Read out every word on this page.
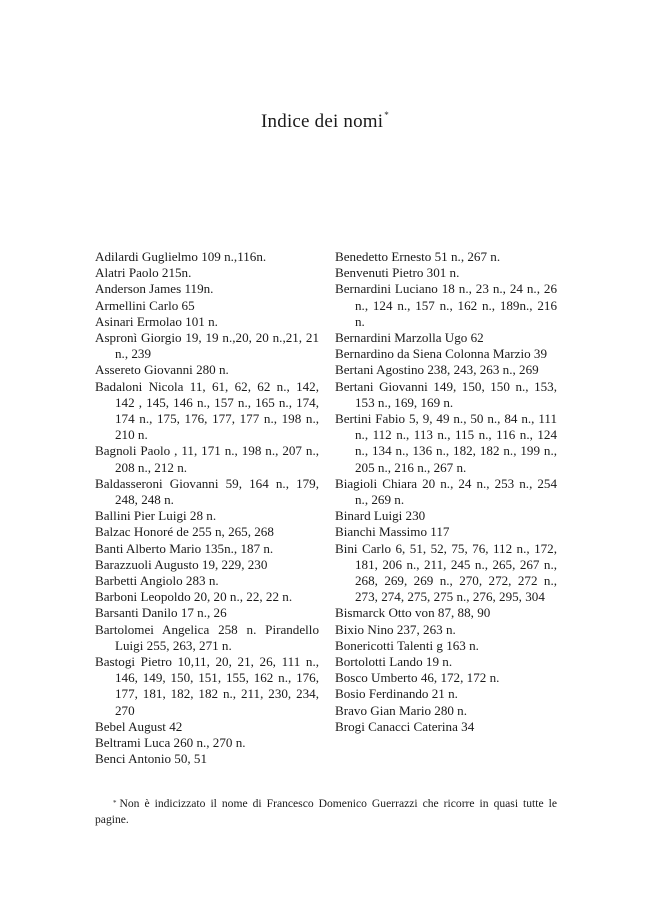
Indice dei nomi*
Adilardi Guglielmo 109 n.,116n.
Alatri Paolo 215n.
Anderson James 119n.
Armellini Carlo 65
Asinari Ermolao 101 n.
Aspronì Giorgio 19, 19 n.,20, 20 n.,21, 21 n., 239
Assereto Giovanni 280 n.
Badaloni Nicola 11, 61, 62, 62 n., 142, 142 , 145, 146 n., 157 n., 165 n., 174, 174 n., 175, 176, 177, 177 n., 198 n., 210 n.
Bagnoli Paolo , 11, 171 n., 198 n., 207 n., 208 n., 212 n.
Baldasseroni Giovanni 59, 164 n., 179, 248, 248 n.
Ballini Pier Luigi 28 n.
Balzac Honoré de 255 n, 265, 268
Banti Alberto Mario 135n., 187 n.
Barazzuoli Augusto 19, 229, 230
Barbetti Angiolo 283 n.
Barboni Leopoldo 20, 20 n., 22, 22 n.
Barsanti Danilo 17 n., 26
Bartolomei Angelica 258 n. Pirandello Luigi 255, 263, 271 n.
Bastogi Pietro 10,11, 20, 21, 26, 111 n., 146, 149, 150, 151, 155, 162 n., 176, 177, 181, 182, 182 n., 211, 230, 234, 270
Bebel August 42
Beltrami Luca 260 n., 270 n.
Benci Antonio 50, 51
Benedetto Ernesto 51 n., 267 n.
Benvenuti Pietro 301 n.
Bernardini Luciano 18 n., 23 n., 24 n., 26 n., 124 n., 157 n., 162 n., 189n., 216 n.
Bernardini Marzolla Ugo 62
Bernardino da Siena Colonna Marzio 39
Bertani Agostino 238, 243, 263 n., 269
Bertani Giovanni 149, 150, 150 n., 153, 153 n., 169, 169 n.
Bertini Fabio 5, 9, 49 n., 50 n., 84 n., 111 n., 112 n., 113 n., 115 n., 116 n., 124 n., 134 n., 136 n., 182, 182 n., 199 n., 205 n., 216 n., 267 n.
Biagioli Chiara 20 n., 24 n., 253 n., 254 n., 269 n.
Binard Luigi 230
Bianchi Massimo 117
Bini Carlo 6, 51, 52, 75, 76, 112 n., 172, 181, 206 n., 211, 245 n., 265, 267 n., 268, 269, 269 n., 270, 272, 272 n., 273, 274, 275, 275 n., 276, 295, 304
Bismarck Otto von 87, 88, 90
Bixio Nino 237, 263 n.
Bonericotti Talenti g 163 n.
Bortolotti Lando 19 n.
Bosco Umberto 46, 172, 172 n.
Bosio Ferdinando 21 n.
Bravo Gian Mario 280 n.
Brogi Canacci Caterina 34
* Non è indicizzato il nome di Francesco Domenico Guerrazzi che ricorre in quasi tutte le pagine.
